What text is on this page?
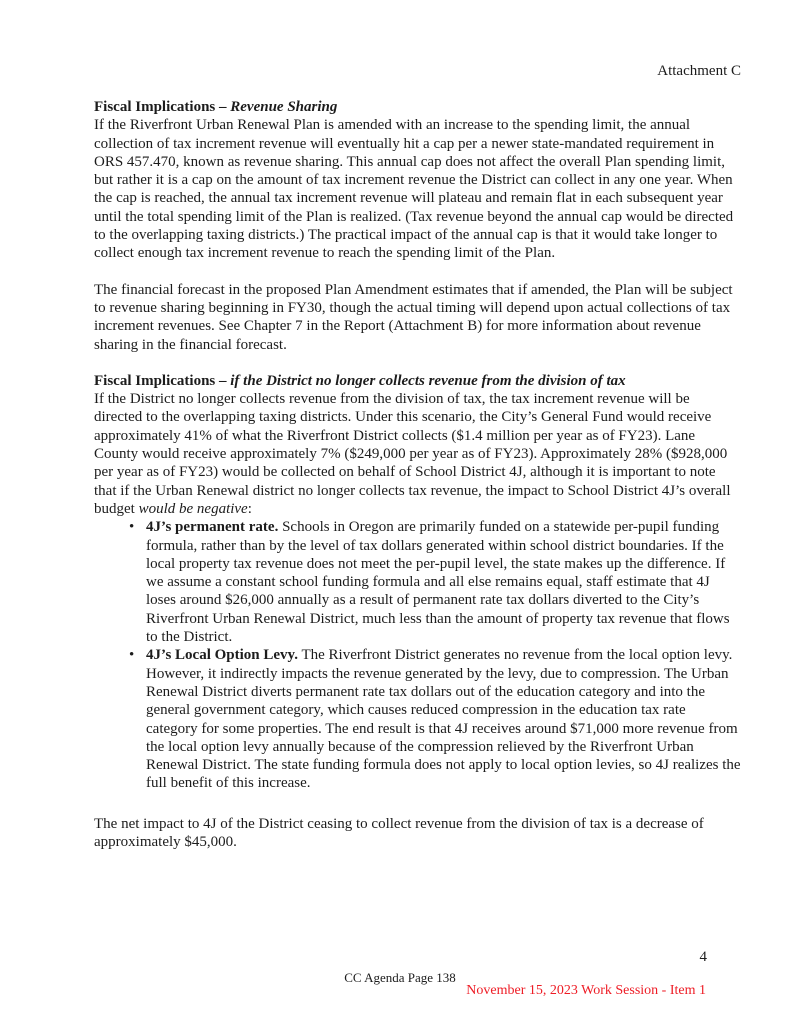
Attachment C

Fiscal Implications – Revenue Sharing

If the Riverfront Urban Renewal Plan is amended with an increase to the spending limit, the annual collection of tax increment revenue will eventually hit a cap per a newer state-mandated requirement in ORS 457.470, known as revenue sharing. This annual cap does not affect the overall Plan spending limit, but rather it is a cap on the amount of tax increment revenue the District can collect in any one year. When the cap is reached, the annual tax increment revenue will plateau and remain flat in each subsequent year until the total spending limit of the Plan is realized. (Tax revenue beyond the annual cap would be directed to the overlapping taxing districts.) The practical impact of the annual cap is that it would take longer to collect enough tax increment revenue to reach the spending limit of the Plan.

The financial forecast in the proposed Plan Amendment estimates that if amended, the Plan will be subject to revenue sharing beginning in FY30, though the actual timing will depend upon actual collections of tax increment revenues. See Chapter 7 in the Report (Attachment B) for more information about revenue sharing in the financial forecast.

Fiscal Implications – if the District no longer collects revenue from the division of tax

If the District no longer collects revenue from the division of tax, the tax increment revenue will be directed to the overlapping taxing districts. Under this scenario, the City’s General Fund would receive approximately 41% of what the Riverfront District collects ($1.4 million per year as of FY23). Lane County would receive approximately 7% ($249,000 per year as of FY23). Approximately 28% ($928,000 per year as of FY23) would be collected on behalf of School District 4J, although it is important to note that if the Urban Renewal district no longer collects tax revenue, the impact to School District 4J’s overall budget would be negative:

• 4J’s permanent rate. Schools in Oregon are primarily funded on a statewide per-pupil funding formula, rather than by the level of tax dollars generated within school district boundaries. If the local property tax revenue does not meet the per-pupil level, the state makes up the difference. If we assume a constant school funding formula and all else remains equal, staff estimate that 4J loses around $26,000 annually as a result of permanent rate tax dollars diverted to the City’s Riverfront Urban Renewal District, much less than the amount of property tax revenue that flows to the District.
• 4J’s Local Option Levy. The Riverfront District generates no revenue from the local option levy. However, it indirectly impacts the revenue generated by the levy, due to compression. The Urban Renewal District diverts permanent rate tax dollars out of the education category and into the general government category, which causes reduced compression in the education tax rate category for some properties. The end result is that 4J receives around $71,000 more revenue from the local option levy annually because of the compression relieved by the Riverfront Urban Renewal District. The state funding formula does not apply to local option levies, so 4J realizes the full benefit of this increase.

The net impact to 4J of the District ceasing to collect revenue from the division of tax is a decrease of approximately $45,000.

4
CC Agenda Page 138
November 15, 2023 Work Session - Item 1
